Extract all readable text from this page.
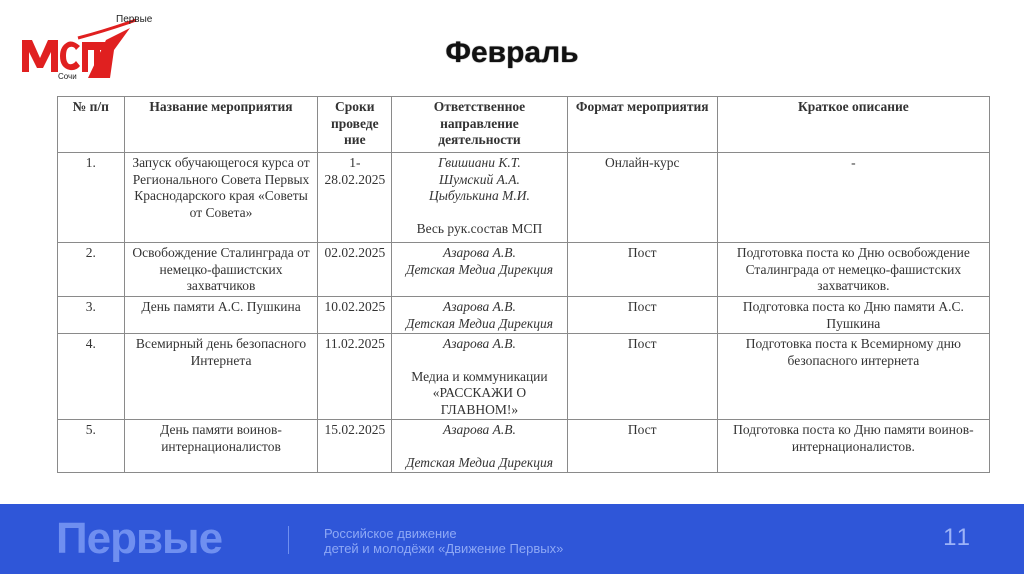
Первые
Сочи
Февраль
№ п/п	Название мероприятия	Сроки проведе ние	Ответственное направление деятельности	Формат мероприятия	Краткое описание
1.	Запуск обучающегося курса от Регионального Совета Первых Краснодарского края «Советы от Совета»	1-28.02.2025	Гвишиани К.Т.
Шумский А.А.
Цыбулькина М.И.
Весь рук.состав МСП	Онлайн-курс	-
2.	Освобождение Сталинграда от немецко-фашистских захватчиков	02.02.2025	Азарова А.В.
Детская Медиа Дирекция	Пост	Подготовка поста ко Дню освобождение Сталинграда от немецко-фашистских захватчиков.
3.	День памяти А.С. Пушкина	10.02.2025	Азарова А.В.
Детская Медиа Дирекция	Пост	Подготовка поста ко Дню памяти А.С. Пушкина
4.	Всемирный день безопасного Интернета	11.02.2025	Азарова А.В.
Медиа и коммуникации «РАССКАЖИ О ГЛАВНОМ!»	Пост	Подготовка поста к Всемирному дню безопасного интернета
5.	День памяти воинов-интернационалистов	15.02.2025	Азарова А.В.
Детская Медиа Дирекция	Пост	Подготовка поста ко Дню памяти воинов-интернационалистов.
Первые	Российское движение
детей и молодёжи «Движение Первых»	11
